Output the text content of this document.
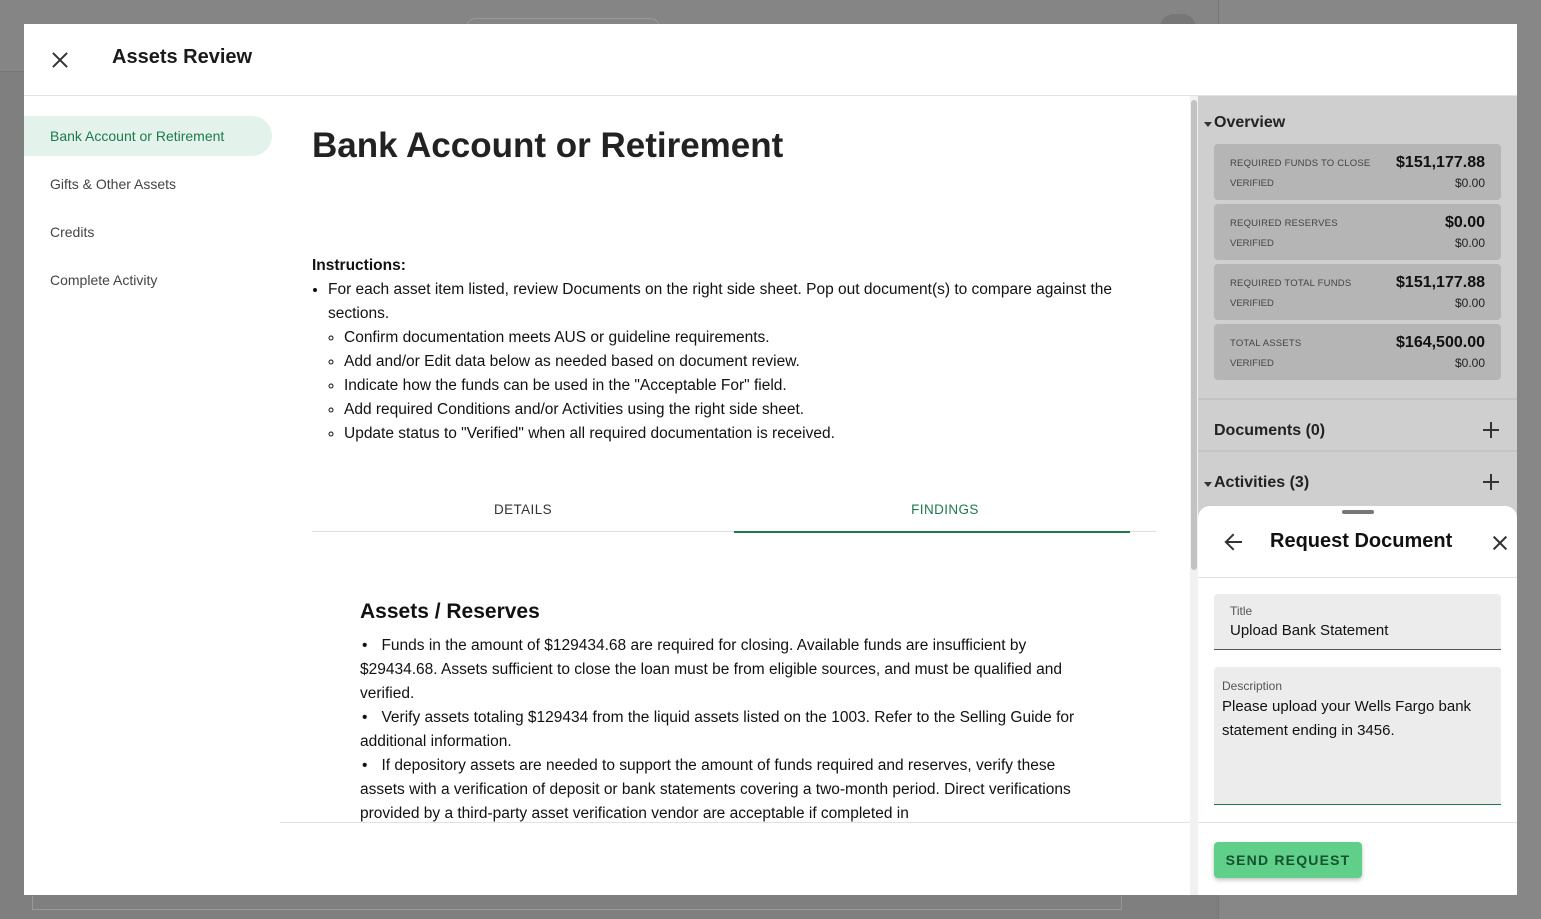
Assets Review
Bank Account or Retirement
Gifts & Other Assets
Credits
Complete Activity
Bank Account or Retirement
Instructions:
• For each asset item listed, review Documents on the right side sheet. Pop out document(s) to compare against the sections.
◦ Confirm documentation meets AUS or guideline requirements.
◦ Add and/or Edit data below as needed based on document review.
◦ Indicate how the funds can be used in the "Acceptable For" field.
◦ Add required Conditions and/or Activities using the right side sheet.
◦ Update status to "Verified" when all required documentation is received.
DETAILS	FINDINGS
Assets / Reserves
• Funds in the amount of $129434.68 are required for closing. Available funds are insufficient by $29434.68. Assets sufficient to close the loan must be from eligible sources, and must be qualified and verified.
• Verify assets totaling $129434 from the liquid assets listed on the 1003. Refer to the Selling Guide for additional information.
• If depository assets are needed to support the amount of funds required and reserves, verify these assets with a verification of deposit or bank statements covering a two-month period. Direct verifications provided by a third-party asset verification vendor are acceptable if completed in
Overview
REQUIRED FUNDS TO CLOSE $151,177.88
VERIFIED	$0.00
REQUIRED RESERVES	$0.00
VERIFIED	$0.00
REQUIRED TOTAL FUNDS	$151,177.88
VERIFIED	$0.00
TOTAL ASSETS	$164,500.00
VERIFIED	$0.00
Documents (0)
Activities (3)
Request Document
Title
Upload Bank Statement
Description
Please upload your Wells Fargo bank statement ending in 3456.
SEND REQUEST
